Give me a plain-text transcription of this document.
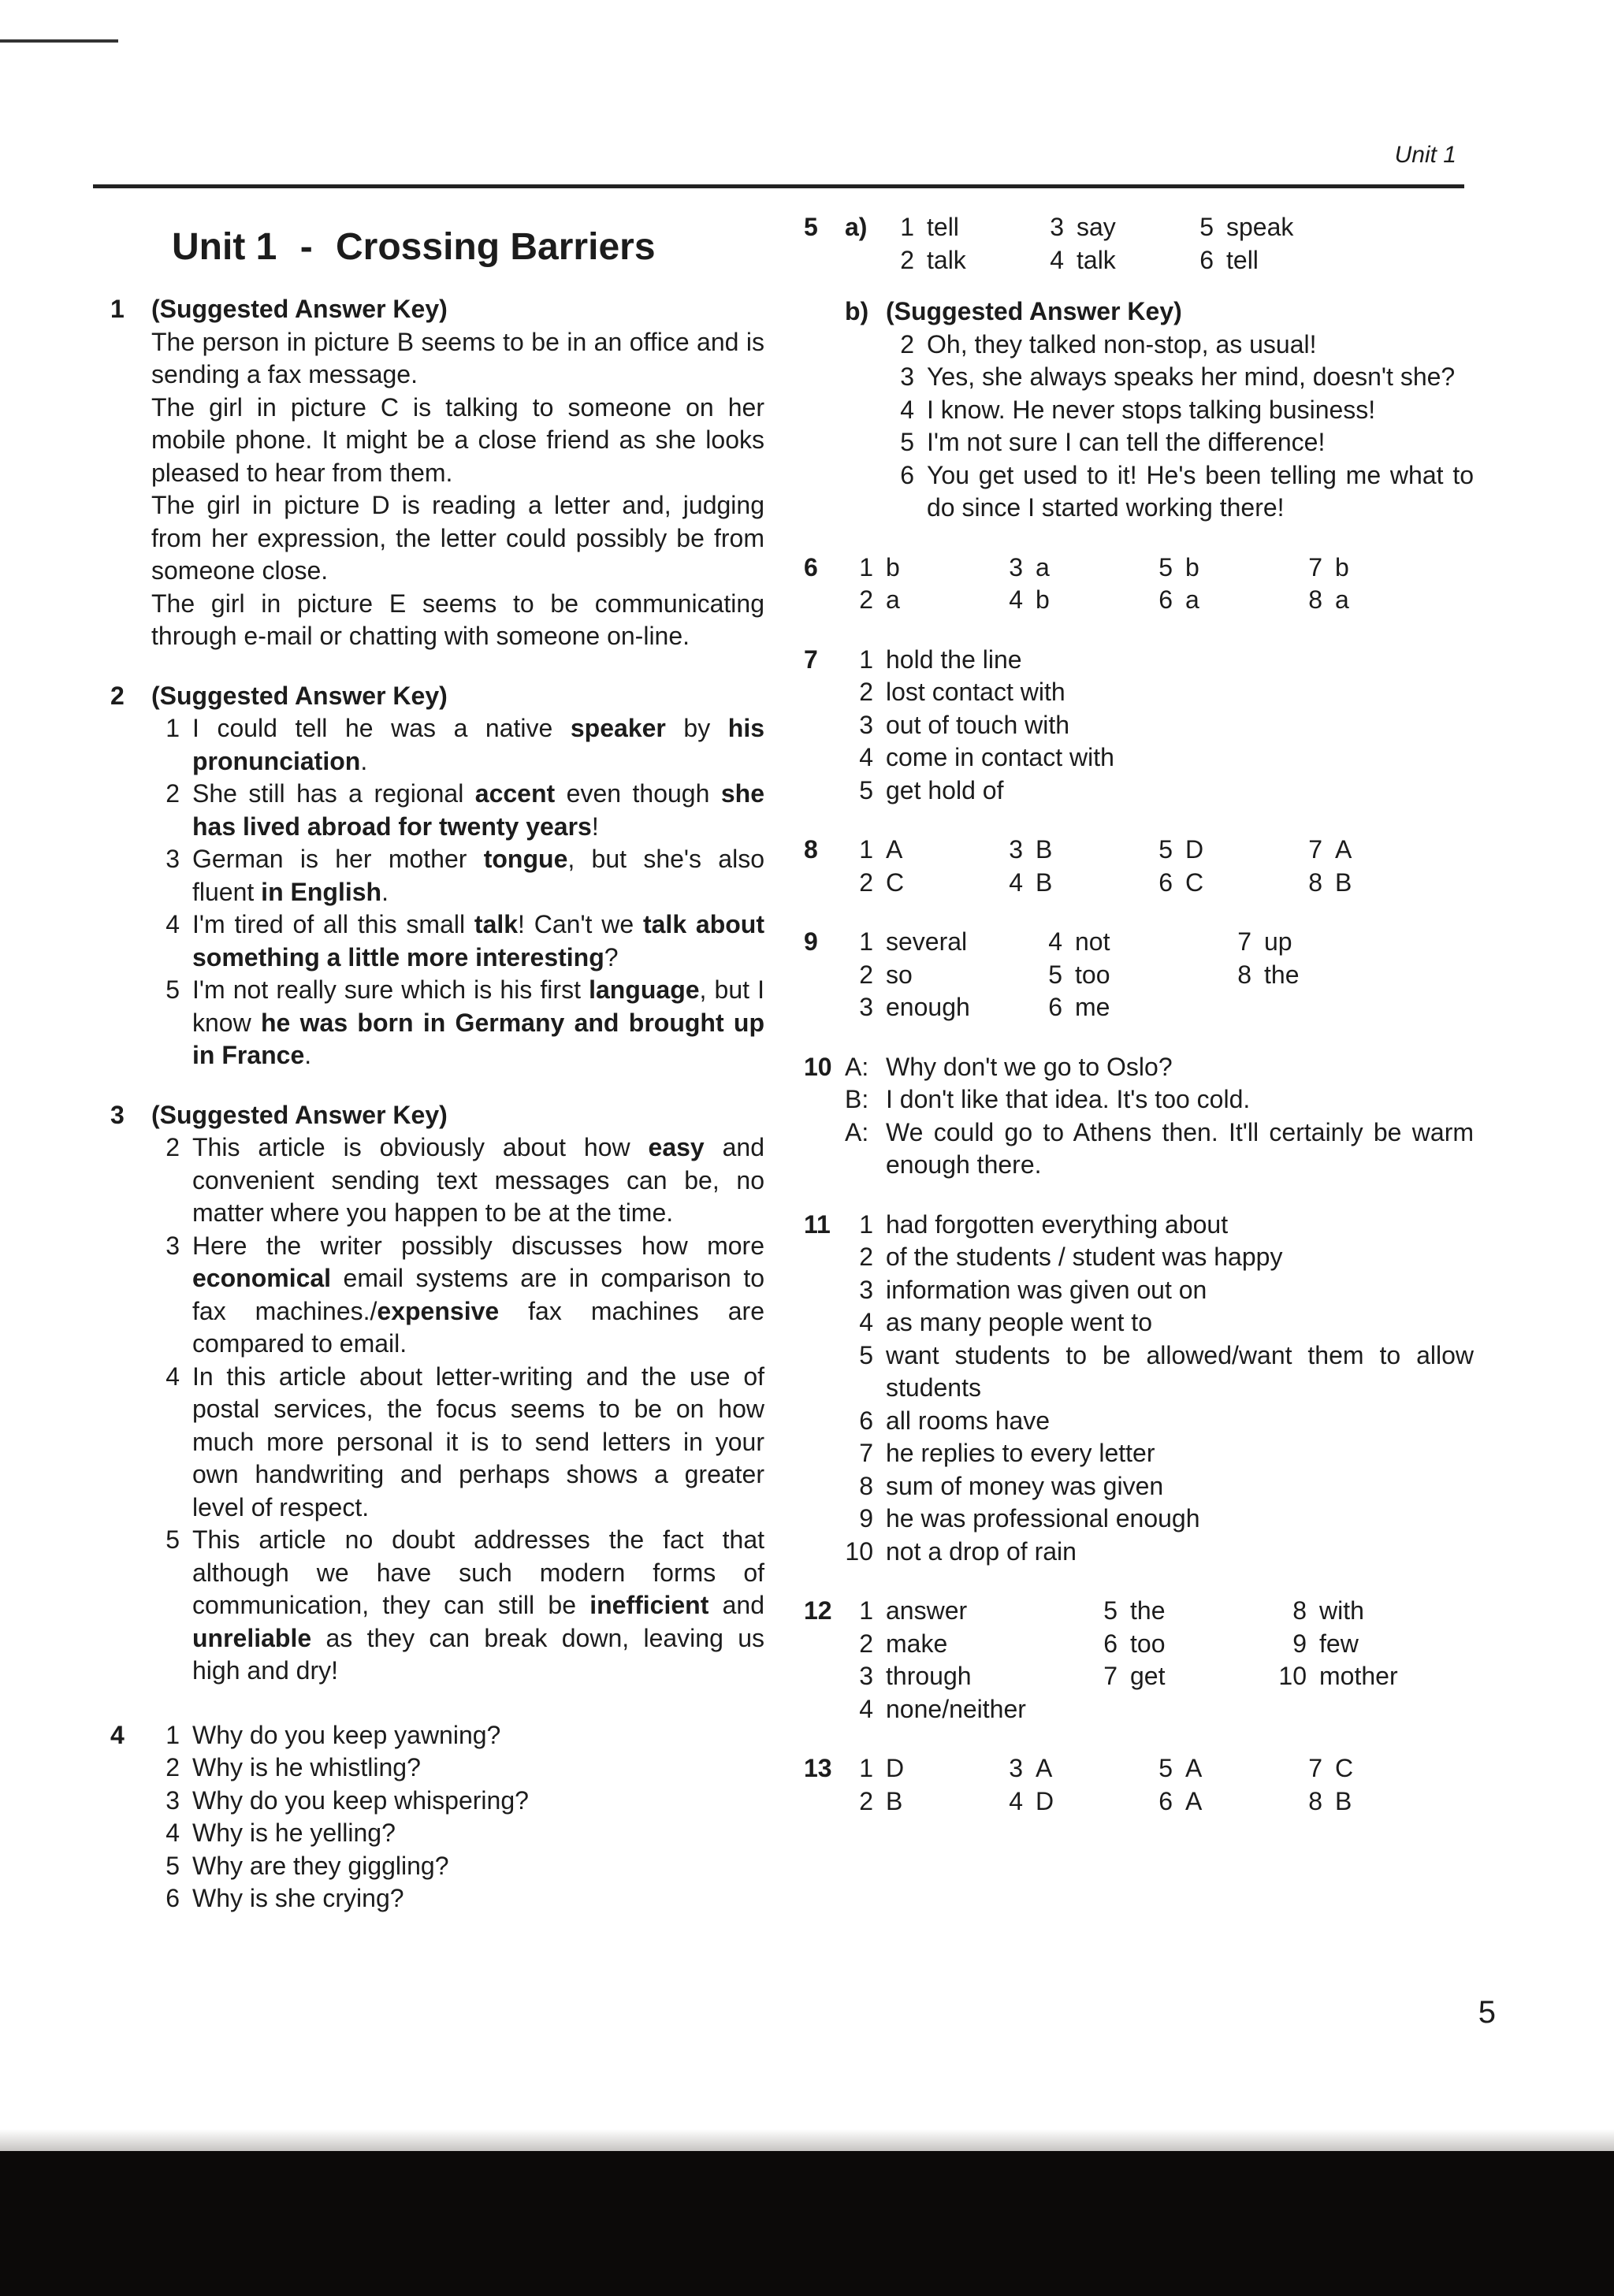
Unit 1
Unit 1 - Crossing Barriers
1	(Suggested Answer Key)
The person in picture B seems to be in an office and is sending a fax message.
The girl in picture C is talking to someone on her mobile phone. It might be a close friend as she looks pleased to hear from them.
The girl in picture D is reading a letter and, judging from her expression, the letter could possibly be from someone close.
The girl in picture E seems to be communicating through e-mail or chatting with someone on-line.
2	(Suggested Answer Key)
1 I could tell he was a native speaker by his pronunciation.
2 She still has a regional accent even though she has lived abroad for twenty years!
3 German is her mother tongue, but she's also fluent in English.
4 I'm tired of all this small talk! Can't we talk about something a little more interesting?
5 I'm not really sure which is his first language, but I know he was born in Germany and brought up in France.
3	(Suggested Answer Key)
2 This article is obviously about how easy and convenient sending text messages can be, no matter where you happen to be at the time.
3 Here the writer possibly discusses how more economical email systems are in comparison to fax machines./expensive fax machines are compared to email.
4 In this article about letter-writing and the use of postal services, the focus seems to be on how much more personal it is to send letters in your own handwriting and perhaps shows a greater level of respect.
5 This article no doubt addresses the fact that although we have such modern forms of communication, they can still be inefficient and unreliable as they can break down, leaving us high and dry!
4	1 Why do you keep yawning?
2 Why is he whistling?
3 Why do you keep whispering?
4 Why is he yelling?
5 Why are they giggling?
6 Why is she crying?
5	a)	1 tell	3 say	5 speak
2 talk	4 talk	6 tell
b) (Suggested Answer Key)
2 Oh, they talked non-stop, as usual!
3 Yes, she always speaks her mind, doesn't she?
4 I know. He never stops talking business!
5 I'm not sure I can tell the difference!
6 You get used to it! He's been telling me what to do since I started working there!
6	1 b	3 a	5 b	7 b
2 a	4 b	6 a	8 a
7	1 hold the line
2 lost contact with
3 out of touch with
4 come in contact with
5 get hold of
8	1 A	3 B	5 D	7 A
2 C	4 B	6 C	8 B
9	1 several	4 not	7 up
2 so	5 too	8 the
3 enough	6 me
10 A: Why don't we go to Oslo?
B: I don't like that idea. It's too cold.
A: We could go to Athens then. It'll certainly be warm enough there.
11	1 had forgotten everything about
2 of the students / student was happy
3 information was given out on
4 as many people went to
5 want students to be allowed/want them to allow students
6 all rooms have
7 he replies to every letter
8 sum of money was given
9 he was professional enough
10 not a drop of rain
12	1 answer	5 the	8 with
2 make	6 too	9 few
3 through	7 get	10 mother
4 none/neither
13	1 D	3 A	5 A	7 C
2 B	4 D	6 A	8 B
5
